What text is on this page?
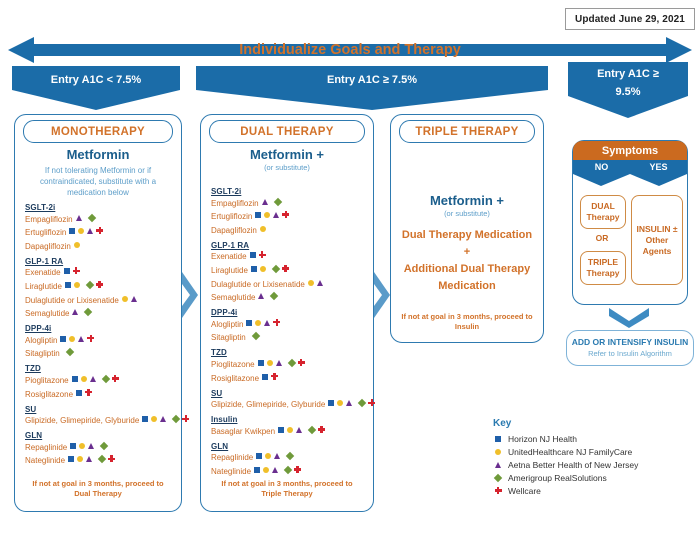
Updated June 29, 2021
Individualize Goals and Therapy
Entry A1C < 7.5%	Entry A1C ≥ 7.5%	Entry A1C ≥
9.5%
MONOTHERAPY
Metformin
If not tolerating Metformin or if contraindicated, substitute with a medication below
SGLT-2i
Empagliflozin
Ertugliflozin
Dapagliflozin
GLP-1 RA
Exenatide
Liraglutide
Dulaglutide or Lixisenatide
Semaglutide
DPP-4i
Alogliptin
Sitagliptin
TZD
Pioglitazone
Rosiglitazone
SU
Glipizide, Glimepiride, Glyburide
GLN
Repaglinide
Nateglinide
If not at goal in 3 months, proceed to
Dual Therapy
DUAL THERAPY
Metformin +
(or substitute)
SGLT-2i
Empagliflozin
Ertugliflozin
Dapagliflozin
GLP-1 RA
Exenatide
Liraglutide
Dulaglutide or Lixisenatide
Semaglutide
DPP-4i
Alogliptin
Sitagliptin
TZD
Pioglitazone
Rosiglitazone
SU
Glipizide, Glimepiride, Glyburide
Insulin
Basaglar Kwikpen
GLN
Repaglinide
Nateglinide
If not at goal in 3 months, proceed to
Triple Therapy
TRIPLE THERAPY
Metformin +
(or substitute)
Dual Therapy Medication
+
Additional Dual Therapy Medication
If not at goal in 3 months, proceed to
Insulin
Symptoms
NO	YES
DUAL
Therapy
OR
TRIPLE
Therapy
INSULIN ± Other Agents
ADD OR INTENSIFY INSULIN
Refer to Insulin Algorithm
Key
Horizon NJ Health
UnitedHealthcare NJ FamilyCare
Aetna Better Health of New Jersey
Amerigroup RealSolutions
Wellcare
